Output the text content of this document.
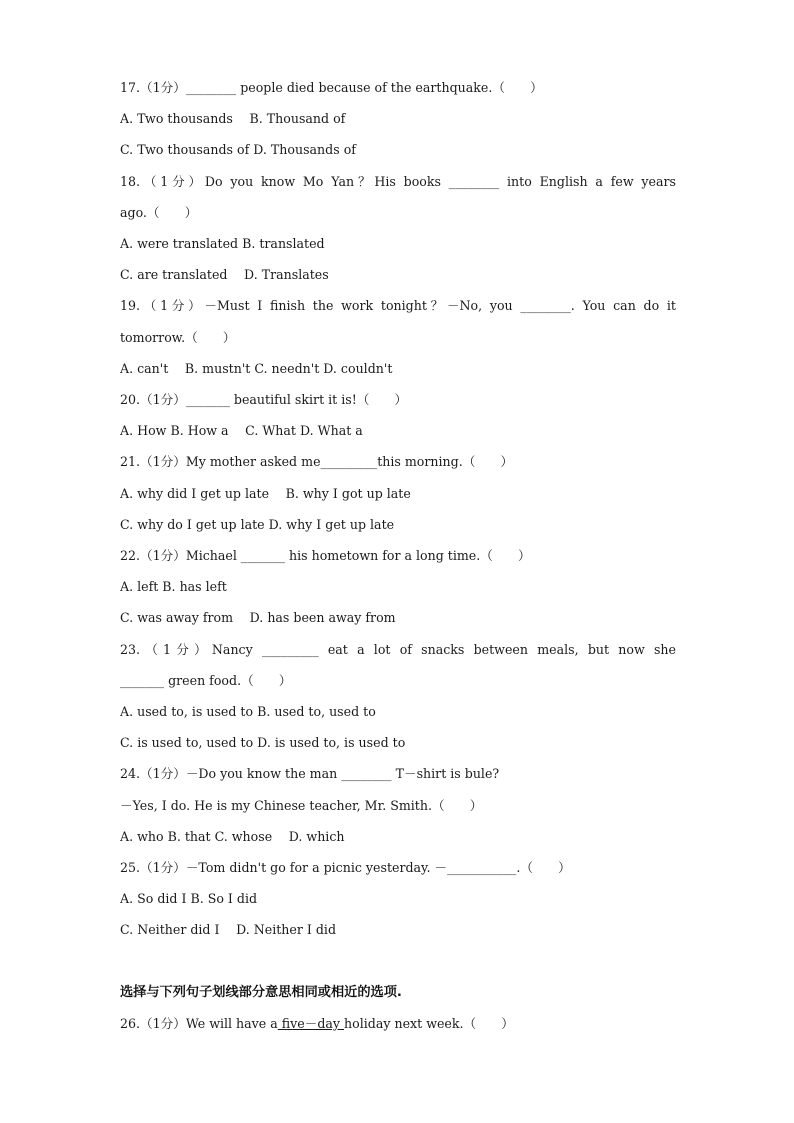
17.（1分）________ people died because of the earthquake.（　　）
A. Two thousands　 B. Thousand of
C. Two thousands of D. Thousands of
18.（1分）Do you know Mo Yan？His books ________ into English a few years
ago.（　　）
A. were translated B. translated
C. are translated　 D. Translates
19.（1分）－Must I finish the work tonight？－No, you ________. You can do it
tomorrow.（　　）
A. can't　 B. mustn't C. needn't D. couldn't
20.（1分）_______ beautiful skirt it is!（　　）
A. How B. How a　 C. What D. What a
21.（1分）My mother asked me_________this morning.（　　）
A. why did I get up late　 B. why I got up late
C. why do I get up late D. why I get up late
22.（1分）Michael _______ his hometown for a long time.（　　）
A. left B. has left
C. was away from　 D. has been away from
23.（1分）Nancy _________ eat a lot of snacks between meals, but now she
_______ green food.（　　）
A. used to, is used to B. used to, used to
C. is used to, used to D. is used to, is used to
24.（1分）－Do you know the man ________ T－shirt is bule?
－Yes, I do. He is my Chinese teacher, Mr. Smith.（　　）
A. who B. that C. whose　 D. which
25.（1分）－Tom didn't go for a picnic yesterday. －___________.（　　）
A. So did I B. So I did
C. Neither did I　 D. Neither I did
选择与下列句子划线部分意思相同或相近的选项.
26.（1分）We will have a five－day holiday next week.（　　）
